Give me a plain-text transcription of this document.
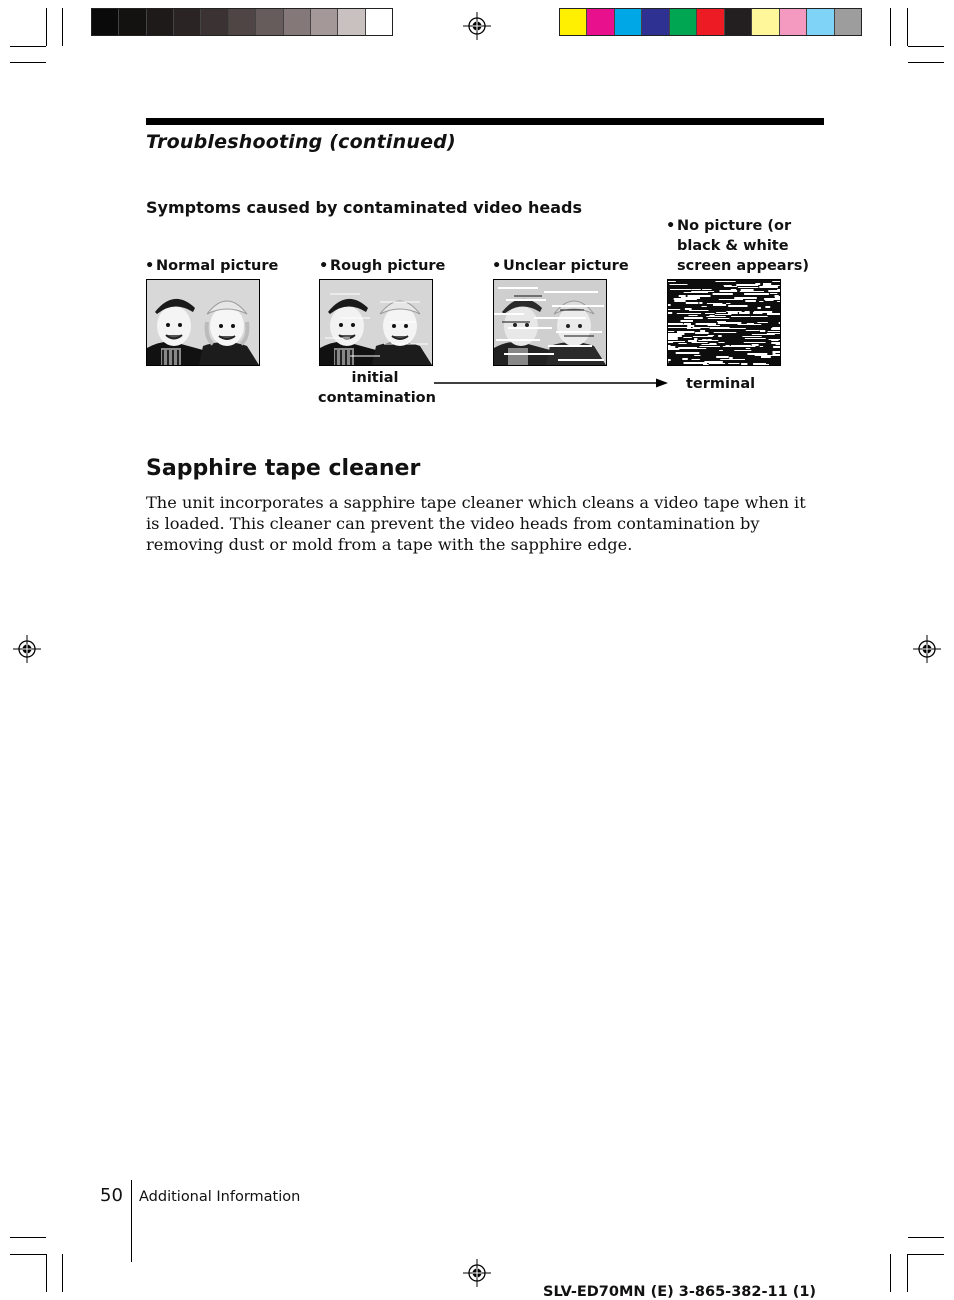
Troubleshooting (continued)
Symptoms caused by contaminated video heads
• Normal picture	• Rough picture	• Unclear picture
• No picture (or
black & white
screen appears)
initial
contamination
terminal
Sapphire tape cleaner
The unit incorporates a sapphire tape cleaner which cleans a video tape when it is loaded. This cleaner can prevent the video heads from contamination by removing dust or mold from a tape with the sapphire edge.
50 Additional Information
SLV-ED70MN (E) 3-865-382-11 (1)
